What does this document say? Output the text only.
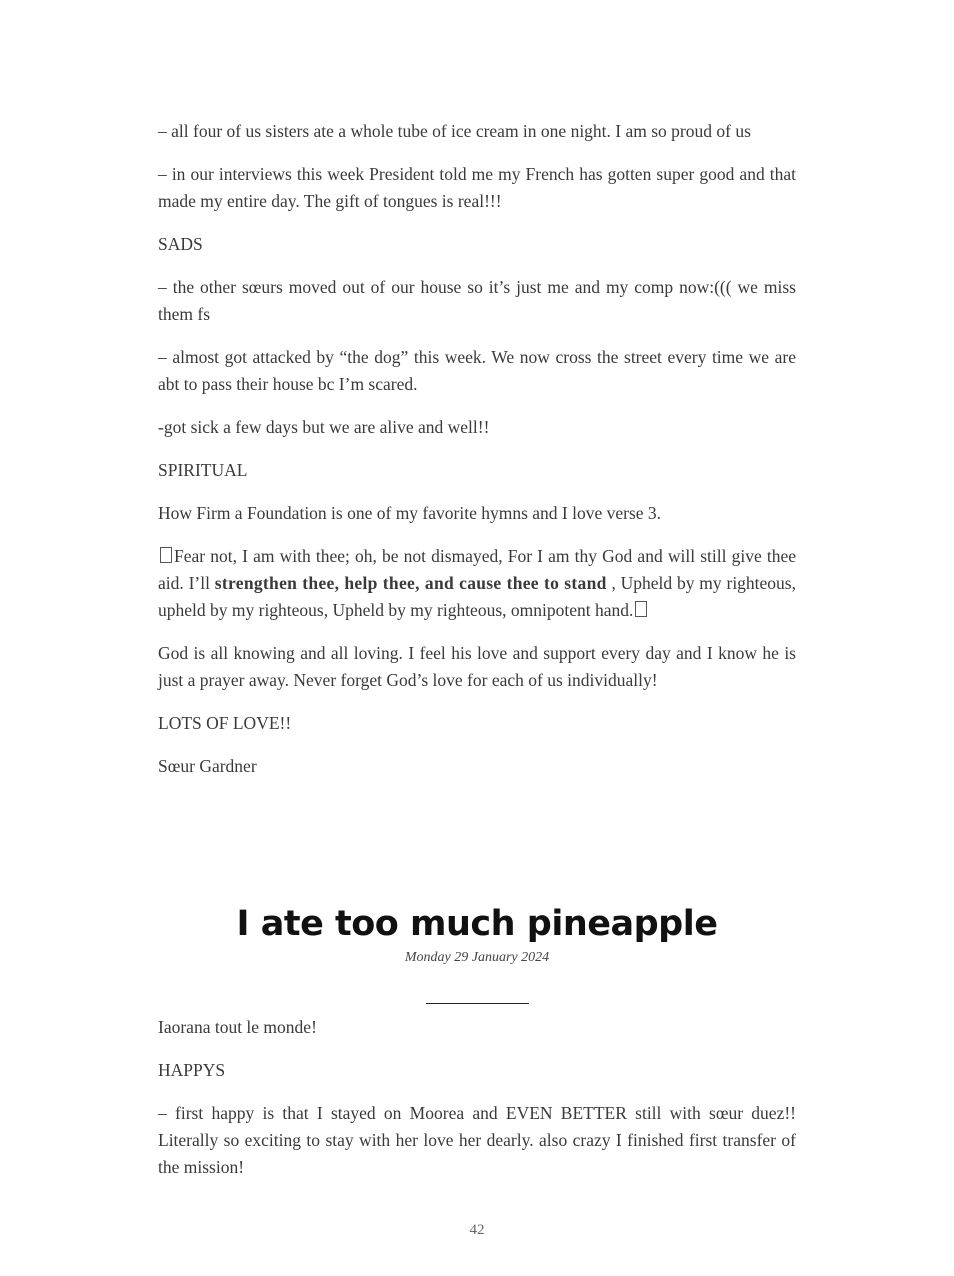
– all four of us sisters ate a whole tube of ice cream in one night. I am so proud of us

– in our interviews this week President told me my French has gotten super good and that made my entire day. The gift of tongues is real!!!

SADS

– the other sœurs moved out of our house so it’s just me and my comp now:((( we miss them fs

– almost got attacked by “the dog” this week. We now cross the street every time we are abt to pass their house bc I’m scared.

-got sick a few days but we are alive and well!!

SPIRITUAL

How Firm a Foundation is one of my favorite hymns and I love verse 3.

Fear not, I am with thee; oh, be not dismayed, For I am thy God and will still give thee aid. I’ll strengthen thee, help thee, and cause thee to stand , Upheld by my righteous, upheld by my righteous, Upheld by my righteous, omnipotent hand.

God is all knowing and all loving. I feel his love and support every day and I know he is just a prayer away. Never forget God’s love for each of us individually!

LOTS OF LOVE!!

Sœur Gardner

I ate too much pineapple
Monday 29 January 2024

Iaorana tout le monde!

HAPPYS

– first happy is that I stayed on Moorea and EVEN BETTER still with sœur duez!! Literally so exciting to stay with her love her dearly. also crazy I finished first transfer of the mission!

42
